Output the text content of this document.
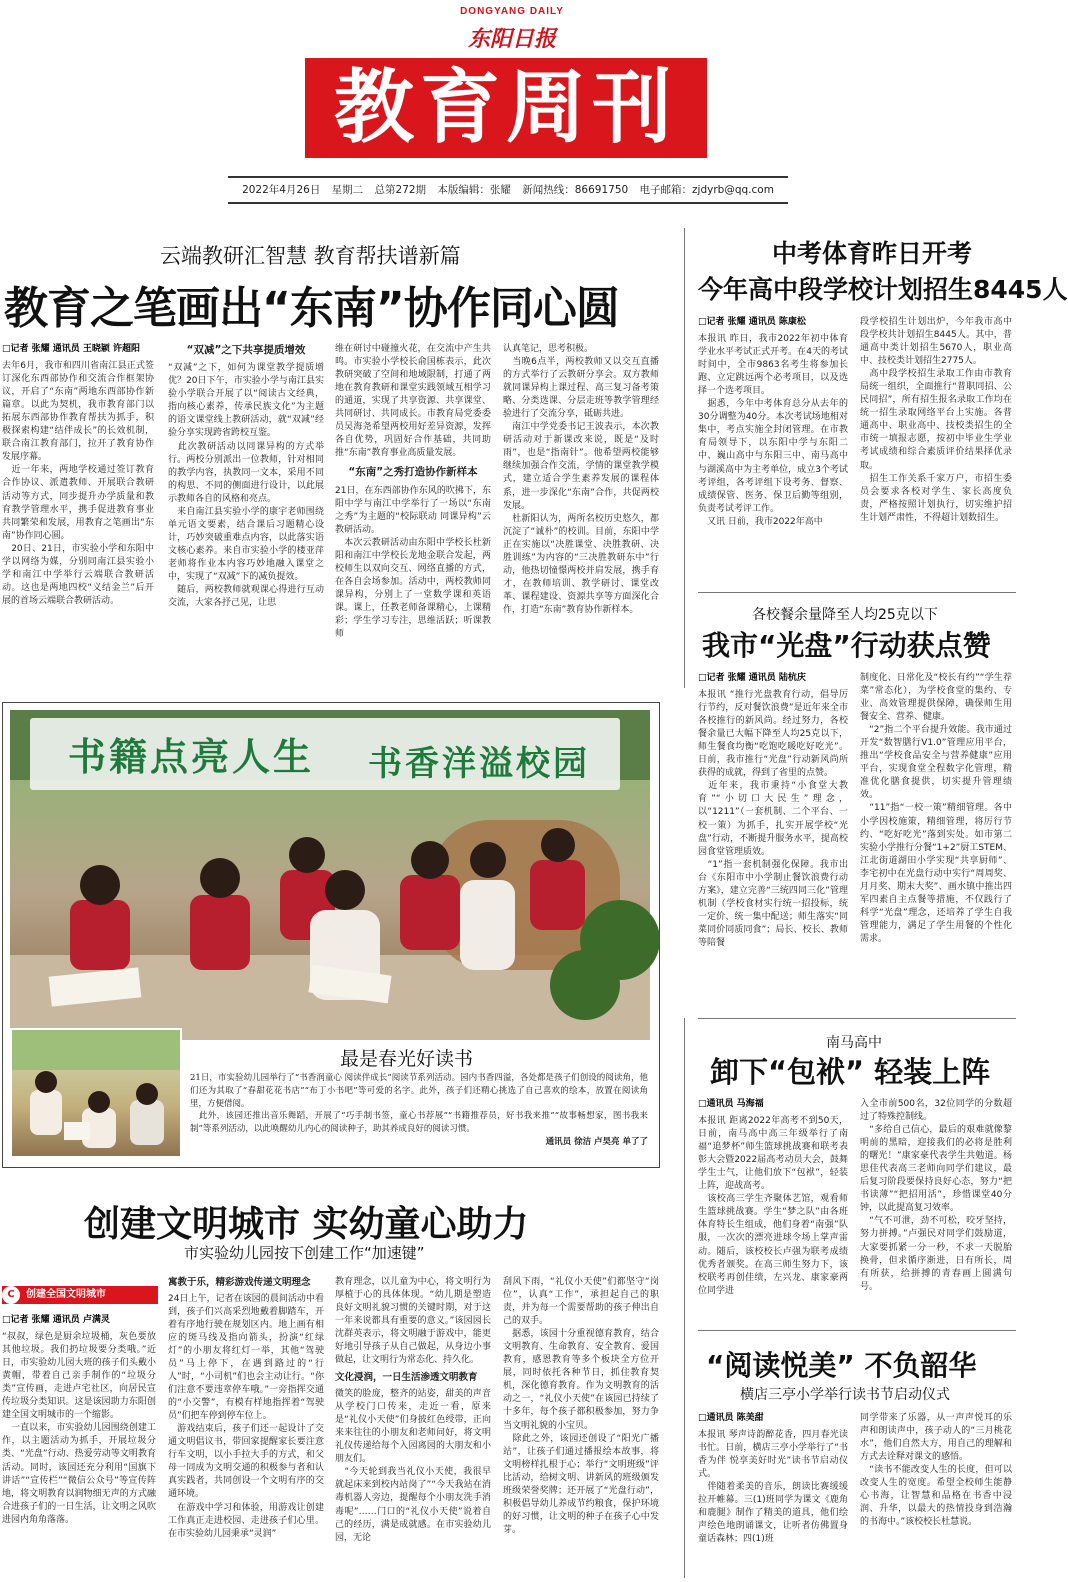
DONGYANG DAILY
东阳日报
教育周刊
2022年4月26日 星期二 总第272期 本版编辑：张耀 新闻热线：86691750 电子邮箱：zjdyrb@qq.com
云端教研汇智慧 教育帮扶谱新篇
教育之笔画出“东南”协作同心圆
□记者 张耀 通讯员 王晓颖 许超阳
去年6月，我市和四川省南江县正式签订深化东西部协作和交流合作框架协议，开启了“东南”两地东西部协作新篇章。以此为契机，我市教育部门以拓展东西部协作教育帮扶为抓手，积极探索构建“结伴成长”的长效机制，联合南江教育部门，拉开了教育协作发展序幕。
　近一年来，两地学校通过签订教育合作协议、派遣教师、开展联合教研活动等方式，同步提升办学质量和教育教学管理水平，携手促进教育事业共同繁荣和发展，用教育之笔画出“东南”协作同心圆。
　20日、21日，市实验小学和东阳中学以网络为媒，分别同南江县实验小学和南江中学举行云端联合教研活动。这也是两地四校“义结金兰”后开展的首场云端联合教研活动。
“双减”之下共享提质增效
“双减”之下，如何为课堂教学提质增优？20日下午，市实验小学与南江县实验小学联合开展了以“阅读古文经典，指向核心素养，传承民族文化”为主题的语文课堂线上教研活动，就“双减”经验分享实现跨省跨校互鉴。
　此次教研活动以同课异构的方式举行。两校分别派出一位教师，针对相同的教学内容，执教同一文本，采用不同的构思、不同的侧面进行设计，以此展示教师各自的风格和亮点。
　来自南江县实验小学的康宇老师围绕单元语文要素，结合课后习题精心设计，巧妙突破重难点内容，以此落实语文核心素养。来自市实验小学的楼亚萍老师将作业本内容巧妙地融入课堂之中，实现了“双减”下的减负提效。
　随后，两校教师就观课心得进行互动交流，大家各抒己见，让思
维在研讨中碰撞火花，在交流中产生共鸣。市实验小学校长俞国栋表示，此次教研突破了空间和地域限制，打通了两地在教育教研和课堂实践领域互相学习的通道，实现了共享资源、共享课堂、共同研讨、共同成长。市教育局党委委员吴海尧希望两校用好差异资源，发挥各自优势，巩固好合作基础，共同助推“东南”教育事业高质量发展。
“东南”之秀打造协作新样本
21日，在东西部协作东风的吹拂下，东阳中学与南江中学举行了一场以“东南之秀”为主题的“校际联动 同课异构”云教研活动。
　本次云教研活动由东阳中学校长杜新阳和南江中学校长龙地金联合发起，两校师生以双向交互、网络直播的方式，在各自会场参加。活动中，两校教师同课异构，分别上了一堂数学课和英语课。课上，任教老师备课精心，上课精彩；学生学习专注，思维活跃；听课教师
认真笔记，思考积极。
　当晚6点半，两校教师又以交互直播的方式举行了云教研分享会。双方教师就同课异构上课过程、高三复习备考策略、分类选课、分层走班等教学管理经验进行了交流分享，砥砺共进。
　南江中学党委书记王波表示，本次教研活动对于新课改来说，既是“及时雨”，也是“指南针”。他希望两校能够继续加强合作交流，学情的课堂教学模式，建立适合学生素养发展的课程体系，进一步深化“东南”合作，共促两校发展。
　杜新阳认为，两所名校历史悠久，都沉淀了“诚朴”的校训。目前，东阳中学正在实施以“决胜课堂、决胜教研、决胜训练”为内容的“三决胜教研东中”行动，他热切憧憬两校并肩发展，携手育才，在教师培训、教学研讨、课堂改革、课程建设、资源共享等方面深化合作，打造“东南”教育协作新样本。
中考体育昨日开考
今年高中段学校计划招生8445人
□记者 张耀 通讯员 陈康松
本报讯 昨日，我市2022年初中体育学业水平考试正式开考。在4天的考试时间中，全市9863名考生将参加长跑、立定跳远两个必考项目，以及选择一个选考项目。
　据悉，今年中考体育总分从去年的30分调整为40分。本次考试场地相对集中，考点实施全封闭管理。在市教育局领导下，以东阳中学与东阳二中、巍山高中与东阳三中、南马高中与湖溪高中为主考单位，成立3个考试考评组，各考评组下设考务、督察、成绩保管、医务、保卫后勤等组别，负责考试考评工作。
　又讯 日前，我市2022年高中
段学校招生计划出炉，今年我市高中段学校共计划招生8445人。其中，普通高中类计划招生5670人，职业高中、技校类计划招生2775人。
　高中段学校招生录取工作由市教育局统一组织，全面推行“普职同招、公民同招”，所有招生报名录取工作均在统一招生录取网络平台上实施。各普通高中、职业高中、技校类招生的全市统一填报志愿，按初中毕业生学业考试成绩和综合素质评价结果择优录取。
　招生工作关系千家万户，市招生委员会要求各校对学生、家长高度负责，严格按照计划执行，切实维护招生计划严肃性，不得超计划数招生。
各校餐余量降至人均25克以下
我市“光盘”行动获点赞
□记者 张耀 通讯员 陆杭庆
本报讯 “推行光盘教育行动，倡导厉行节约，反对餐饮浪费”是近年来全市各校推行的新风尚。经过努力，各校餐余量已大幅下降至人均25克以下，师生餐食均衡“吃饱吃暖吃好吃光”。日前，我市推行“光盘”行动新风尚所获得的成就，得到了省里的点赞。
　近年来，我市秉持“小食堂大教育”“小切口大民生”理念，以“1211”（一套机制、二个平台、一校一策）为抓手，扎实开展学校“光盘”行动，不断提升服务水平，提高校园食堂管理质效。
　“1”指一套机制强化保障。我市出台《东阳市中小学制止餐饮浪费行动方案》，建立完善“三统四同三化”管理机制（学校食材实行统一招投标，统一定价、统一集中配送；师生落实“同菜同价同质同食”；局长、校长、教师等陪餐
制度化、日常化及“校长有约”“学生荐菜”常态化），为学校食堂的集约、专业、高效管理提供保障，确保师生用餐安全、营养、健康。
　“2”指二个平台提升效能。我市通过开发“数智膳行V1.0”管理应用平台，推出“学校食品安全与营养健康”应用平台，实现食堂全程数字化管理，精准优化膳食提供，切实提升管理绩效。
　“11”指“一校一策”精细管理。各中小学因校施策，精细管理，将厉行节约、“吃好吃光”落到实处。如市第二实验小学推行分餐“1+2”厨工STEM、江北街道湖田小学实现“共享厨师”、李宅初中在光盘行动中实行“周周奖、月月奖、期末大奖”、画水镇中推出四军四素自主点餐等措施，不仅践行了科学“光盘”理念，还培养了学生自我管理能力，满足了学生用餐的个性化需求。
书籍点亮人生 书香洋溢校园
最是春光好读书
21日，市实验幼儿园举行了“书香润童心 阅读伴成长”阅读节系列活动。园内书香四溢，各处都是孩子们创设的阅读角，他们还为其取了“春甜花花书店”“布丁小书吧”等可爱的名字。此外，孩子们还精心挑选了自己喜欢的绘本，放置在阅读角里，方便借阅。
　此外，该园还推出音乐舞蹈，开展了“巧手制书签，童心书荐展”“书籍推荐员，好书我来推”“故事畅想家，图书我来制”等系列活动，以此唤醒幼儿内心的阅读种子，助其养成良好的阅读习惯。
通讯员 徐洁 卢昊亮 单了了
南马高中
卸下“包袱” 轻装上阵
□通讯员 马海福
本报讯 距离2022年高考不到50天，日前，南马高中高三年级举行了南福“追梦杯”师生篮球挑战赛和联考表彰大会暨2022届高考动员大会，鼓舞学生士气，让他们放下“包袱”，轻装上阵，迎战高考。
　该校高三学生齐聚体艺馆，观看师生篮球挑战赛。学生“梦之队”由各班体育特长生组成，他们身着“南强”队服，一次次的漂亮进球令场上掌声雷动。随后，该校校长卢强为联考成绩优秀者颁奖。在高三师生努力下，该校联考再创佳绩，左兴龙、康家豪两位同学进
入全市前500名，32位同学的分数超过了特殊控制线。
　“多给自己信心，最后的艰难就像黎明前的黑暗，迎接我们的必将是胜利的曙光！”康家豪代表学生共勉道。杨思佳代表高三老师向同学们建议，最后复习阶段要保持良好心态，努力“把书读薄”“把招用活”，珍惜课堂40分钟，以此提高复习效率。
　“气不可泄，劲不可松，咬牙坚持，努力拼搏。”卢强民对同学们鼓励道，大家要抓紧一分一秒，不求一天脱胎换骨，但求循序渐进，日有所长，周有所获，给拼搏的青春画上圆满句号。
“阅读悦美” 不负韶华
横店三亭小学举行读书节启动仪式
□通讯员 陈美甜
本报讯 琴声诗韵醉花香，四月春光读书忙。日前，横店三亭小学举行了“书香为伴 悦享美好时光”读书节启动仪式。
　伴随着柔美的音乐，朗读比赛缓缓拉开帷幕。三(1)班同学为课文《鹿角和鹿腿》制作了精美的道具，他们绘声绘色地朗诵课文，让听者仿佛置身童话森林；四(1)班
同学带来了乐器，从一声声悦耳的乐声和朗读声中，孩子动人的“三月桃花水”，他们自然大方，用自己的理解和方式去诠释对课文的感悟。
　“读书不能改变人生的长度，但可以改变人生的宽度。希望全校师生能静心书海，让智慧和品格在书香中浸润、升华，以最大的热情投身到浩瀚的书海中。”该校校长杜慧说。
创建文明城市 实幼童心助力
市实验幼儿园按下创建工作“加速键”
C 创建全国文明城市
□记者 张耀 通讯员 卢满灵
“叔叔，绿色是厨余垃圾桶，灰色要放其他垃圾。我们扔垃圾要分类哦。”近日，市实验幼儿园大班的孩子们头戴小黄帽，带着自己亲手制作的“垃圾分类”宣传画，走进卢宅社区，向居民宣传垃圾分类知识。这是该园助力东阳创建全国文明城市的一个缩影。
　一直以来，市实验幼儿园围绕创建工作，以主题活动为抓手，开展垃圾分类、“光盘”行动、热爱劳动等文明教育活动。同时，该园还充分利用“国旗下讲话”“宣传栏”“微信公众号”等宣传阵地，将文明教育以润物细无声的方式融合进孩子们的一日生活，让文明之风吹进园内角角落落。
寓教于乐，精彩游戏传递文明理念
24日上午，记者在该园的晨间活动中看到，孩子们兴高采烈地戴着脚踏车，开着有序地行驶在规划区内。地上画有相应的斑马线及指向箭头，扮演“红绿灯”的小朋友将红灯一举，其他“驾驶员”马上停下，在遇到路过的“行人”时，“小司机”们也会主动让行。“你们注意不要违章停车哦。”一旁指挥交通的“小交警”，有模有样地指挥着“驾驶员”们把车停到停车位上。
　游戏结束后，孩子们还一起设计了交通文明倡议书，带回家提醒家长要注意行车文明，以小手拉大手的方式，和父母一同成为文明交通的积极参与者和认真实践者，共同创设一个文明有序的交通环境。
　在游戏中学习和体验，用游戏让创建工作真正走进校园、走进孩子们心里。在市实验幼儿园秉承“灵润”
教育理念，以儿童为中心，将文明行为厚植于心的具体体现。“幼儿期是塑造良好文明礼貌习惯的关键时期，对于这一年来说都具有重要的意义。”该园园长沈群英表示，将文明融于游戏中，能更好地引导孩子从自己做起，从身边小事做起，让文明行为常态化、持久化。
文化浸润，一日生活渗透文明教育
微笑的脸庞，整齐的站姿，甜美的声音从学校门口传来，走近一看，原来是“礼仪小天使”们身披红色绶带，正向来来往往的小朋友和老师问好，将文明礼仪传递给每个入园离园的大朋友和小朋友们。
　“今天轮到我当礼仪小天使，我很早就起床来到校内站岗了”“今天我站在消毒机器人旁边，提醒每个小朋友洗手消毒呢”……门口的“礼仪小天使”说着自己的经历，满是成就感。在市实验幼儿园，无论
刮风下雨，“礼仪小天使”们都坚守“岗位”，认真“工作”，承担起自己的职责，并为每一个需要帮助的孩子伸出自己的双手。
　据悉，该园十分重视德育教育，结合文明教育、生命教育、安全教育、爱国教育，感恩教育等多个板块全方位开展，同时依托各种节日，抓住教育契机，深化德育教育。作为文明教育的活动之一，“礼仪小天使”在该园已持续了十多年，每个孩子都积极参加，努力争当文明礼貌的小宝贝。
　除此之外，该园还创设了“阳光广播站”，让孩子们通过播报绘本故事，将文明榜样扎根于心；举行“文明班级”评比活动，给树文明、讲新风的班级颁发班级荣誉奖牌；还开展了“光盘行动”，积极倡导幼儿养成节约粮食，保护环境的好习惯，让文明的种子在孩子心中发芽。
